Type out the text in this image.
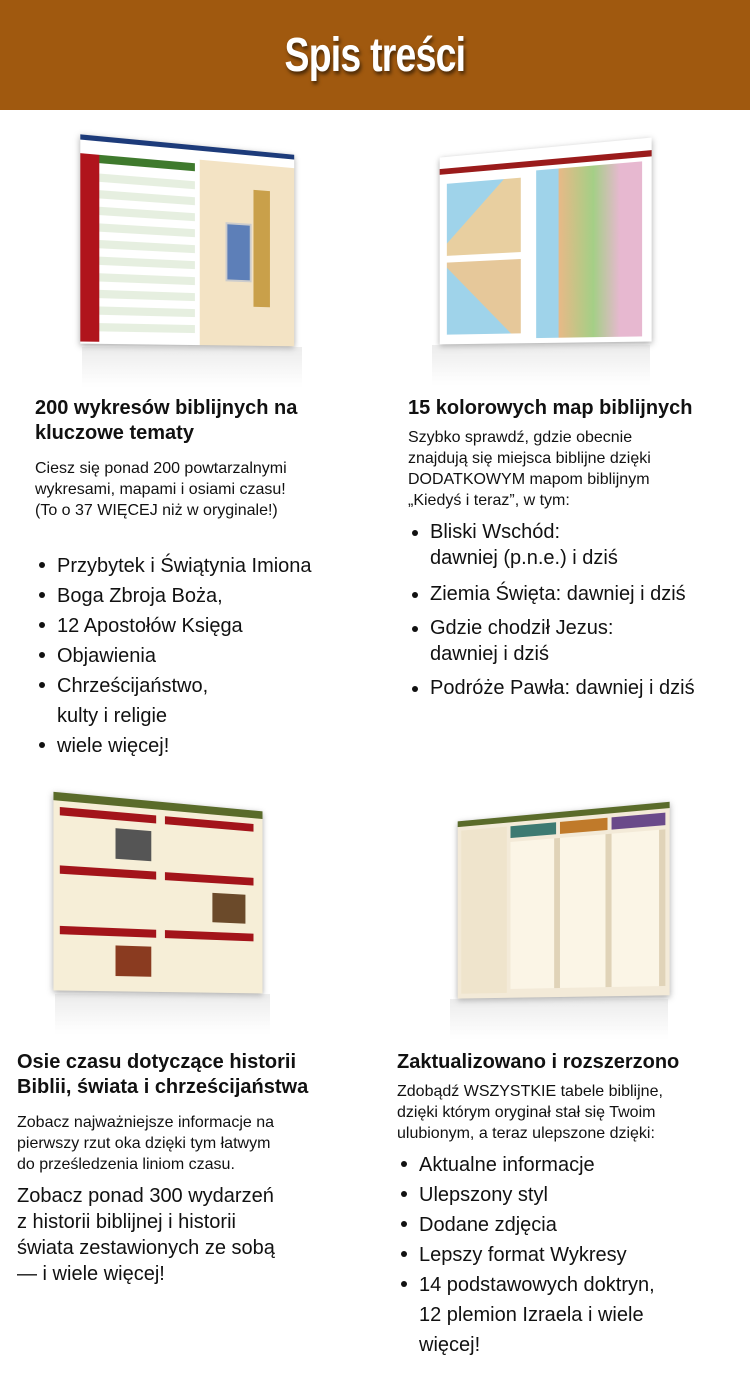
Spis treści
200 wykresów biblijnych na kluczowe tematy

Ciesz się ponad 200 powtarzalnymi
wykresami, mapami i osiami czasu!
(To o 37 WIĘCEJ niż w oryginale!)

Przybytek i Świątynia Imiona
Boga Zbroja Boża,
12 Apostołów Księga
Objawienia
Chrześcijaństwo,
kulty i religie
wiele więcej!
15 kolorowych map biblijnych

Szybko sprawdź, gdzie obecnie
znajdują się miejsca biblijne dzięki
DODATKOWYM mapom biblijnym
„Kiedyś i teraz”, w tym:

Bliski Wschód:
dawniej (p.n.e.) i dziś
Ziemia Święta: dawniej i dziś
Gdzie chodził Jezus:
dawniej i dziś
Podróże Pawła: dawniej i dziś
Osie czasu dotyczące historii
Biblii, świata i chrześcijaństwa

Zobacz najważniejsze informacje na
pierwszy rzut oka dzięki tym łatwym
do prześledzenia liniom czasu.

Zobacz ponad 300 wydarzeń
z historii biblijnej i historii
świata zestawionych ze sobą
— i wiele więcej!

Zaktualizowano i rozszerzono

Zdobądź WSZYSTKIE tabele biblijne,
dzięki którym oryginał stał się Twoim
ulubionym, a teraz ulepszone dzięki:

Aktualne informacje
Ulepszony styl
Dodane zdjęcia
Lepszy format Wykresy
14 podstawowych doktryn,
12 plemion Izraela i wiele
więcej!
